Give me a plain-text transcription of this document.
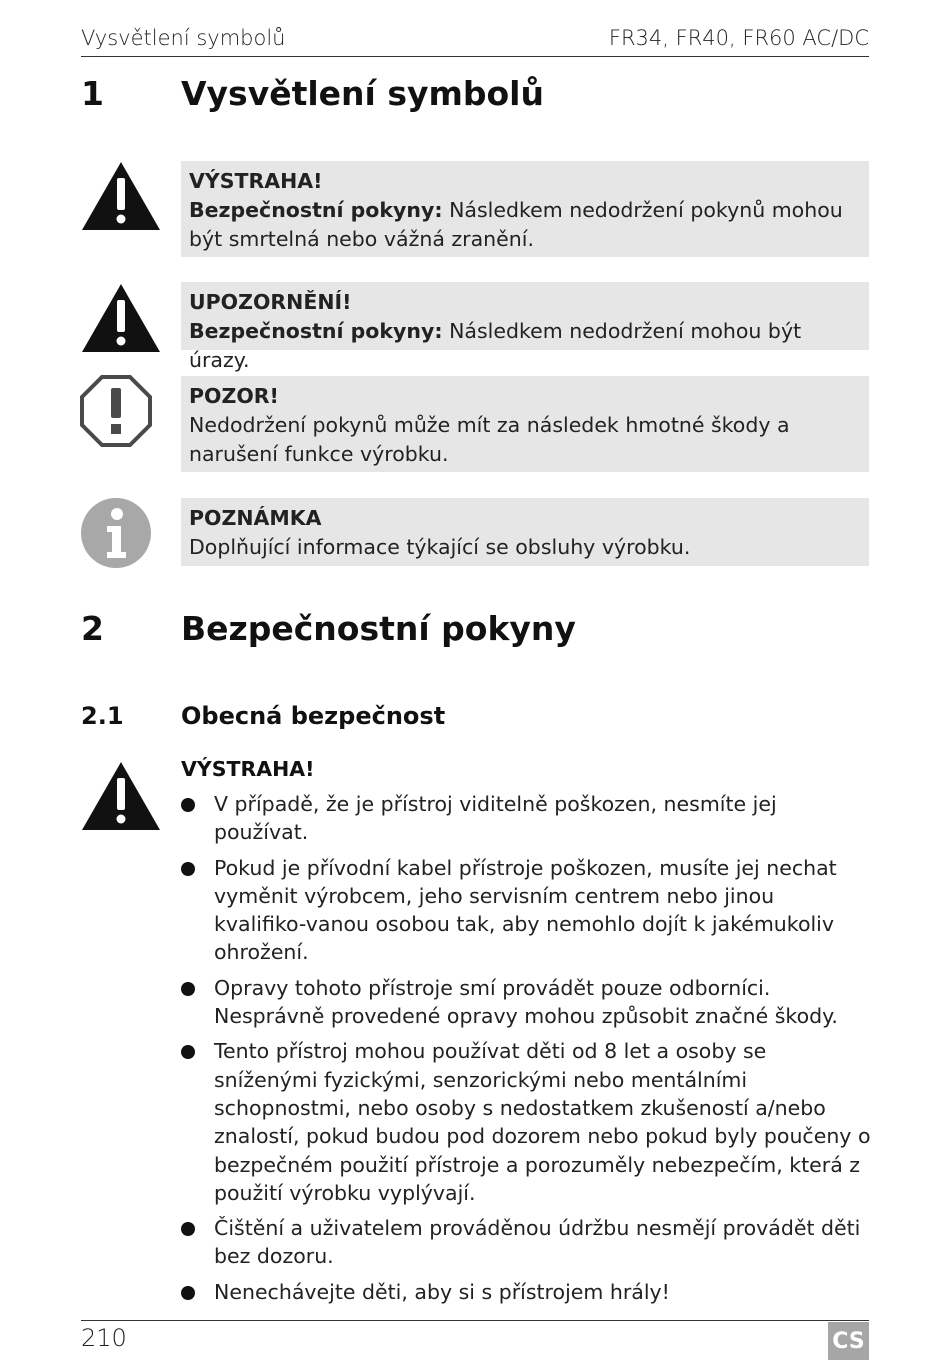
Vysvětlení symbolů	FR34, FR40, FR60 AC/DC
1 Vysvětlení symbolů
VÝSTRAHA!
Bezpečnostní pokyny: Následkem nedodržení pokynů mohou být smrtelná nebo vážná zranění.
UPOZORNĚNÍ!
Bezpečnostní pokyny: Následkem nedodržení mohou být úrazy.
POZOR!
Nedodržení pokynů může mít za následek hmotné škody a narušení funkce výrobku.
POZNÁMKA
Doplňující informace týkající se obsluhy výrobku.
2 Bezpečnostní pokyny
2.1 Obecná bezpečnost
VÝSTRAHA!
V případě, že je přístroj viditelně poškozen, nesmíte jej používat.
Pokud je přívodní kabel přístroje poškozen, musíte jej nechat vyměnit výrobcem, jeho servisním centrem nebo jinou kvalifiko-vanou osobou tak, aby nemohlo dojít k jakémukoliv ohrožení.
Opravy tohoto přístroje smí provádět pouze odborníci. Nesprávně provedené opravy mohou způsobit značné škody.
Tento přístroj mohou používat děti od 8 let a osoby se sníženými fyzickými, senzorickými nebo mentálními schopnostmi, nebo osoby s nedostatkem zkušeností a/nebo znalostí, pokud budou pod dozorem nebo pokud byly poučeny o bezpečném použití přístroje a porozuměly nebezpečím, která z použití výrobku vyplývají.
Čištění a uživatelem prováděnou údržbu nesmějí provádět děti bez dozoru.
Nenechávejte děti, aby si s přístrojem hrály!
210	CS
